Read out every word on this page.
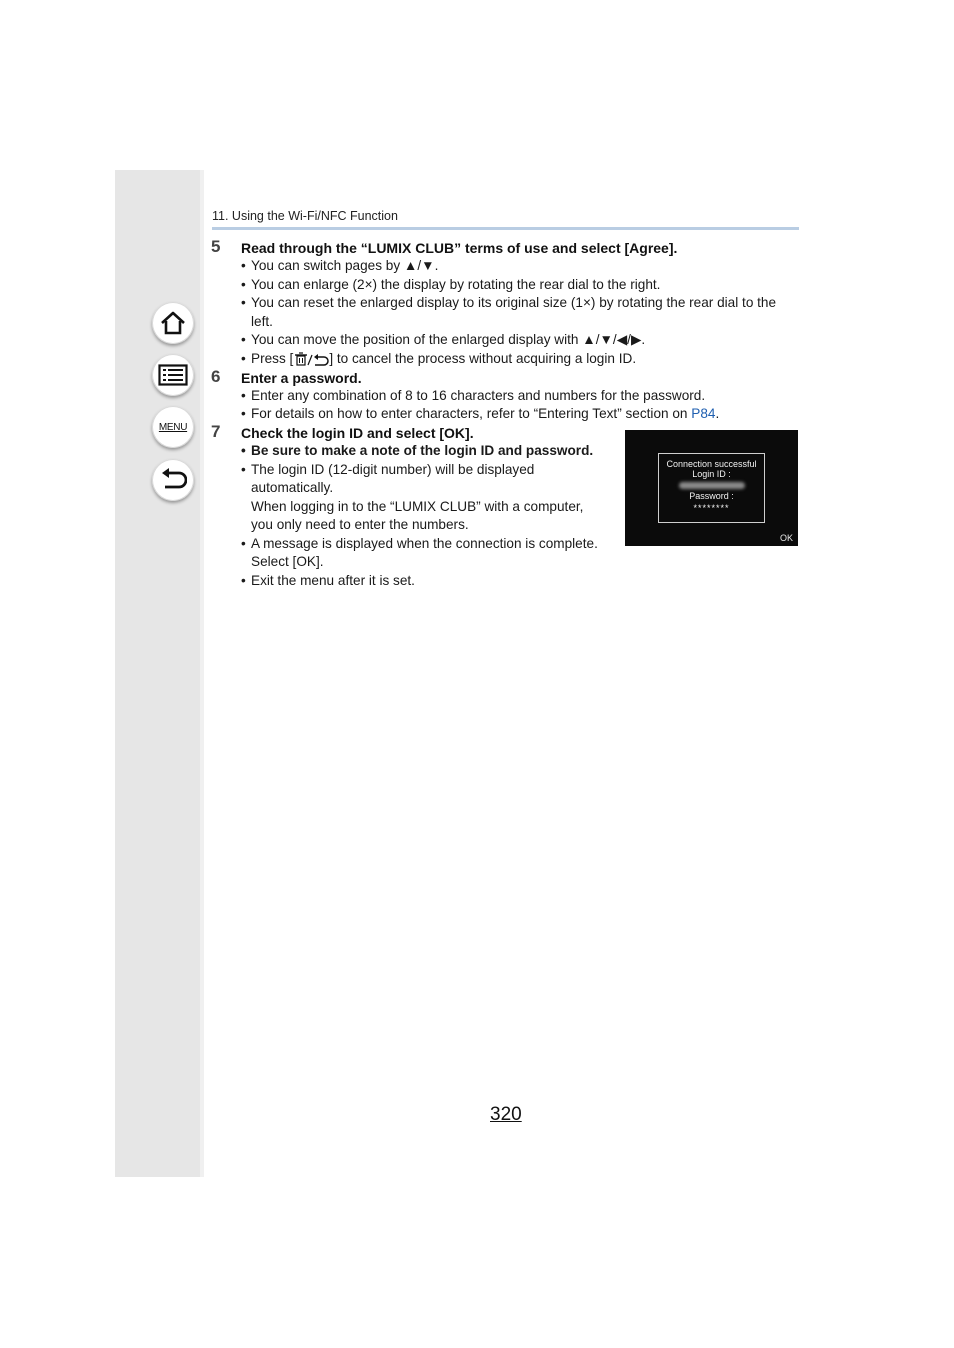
MENU
11. Using the Wi-Fi/NFC Function
5 Read through the “LUMIX CLUB” terms of use and select [Agree].
• You can switch pages by ▲/▼.
• You can enlarge (2×) the display by rotating the rear dial to the right.
• You can reset the enlarged display to its original size (1×) by rotating the rear dial to the
left.
• You can move the position of the enlarged display with ▲/▼/◀/▶.
• Press [	] to cancel the process without acquiring a login ID.
6 Enter a password.
• Enter any combination of 8 to 16 characters and numbers for the password.
• For details on how to enter characters, refer to “Entering Text” section on P84.
7 Check the login ID and select [OK].
• Be sure to make a note of the login ID and password.
• The login ID (12-digit number) will be displayed
automatically.
When logging in to the “LUMIX CLUB” with a computer,
you only need to enter the numbers.
• A message is displayed when the connection is complete.
Select [OK].
• Exit the menu after it is set.
Connection successful
Login ID :
Password :
********
OK
320
